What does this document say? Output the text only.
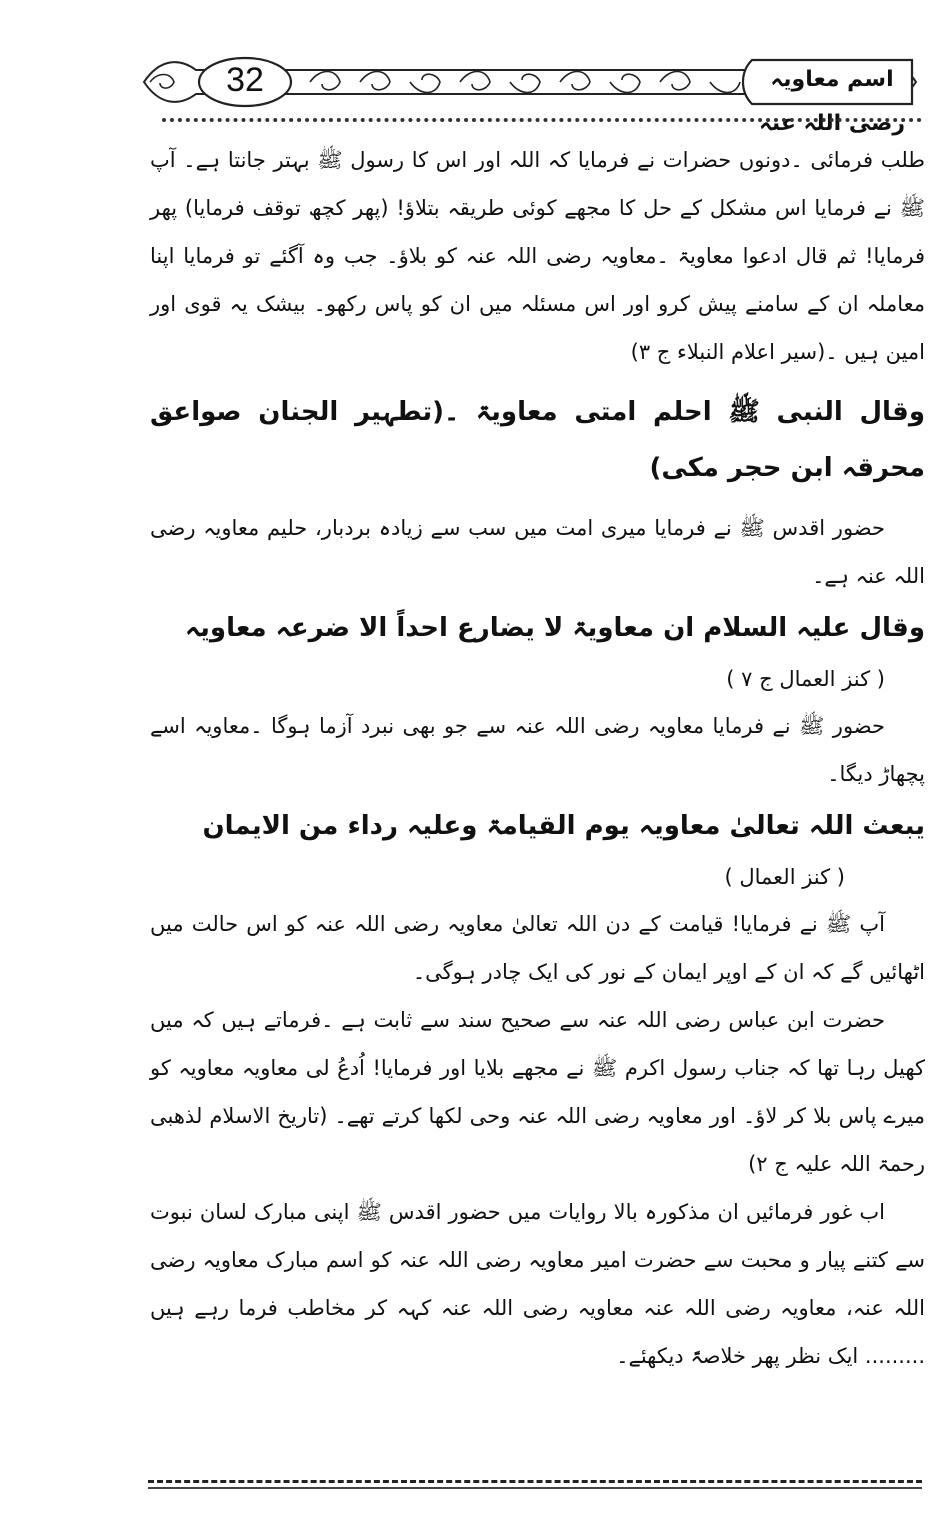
32	اسم معاویہ رضی اللہ عنہ

طلب فرمائی ۔دونوں حضرات نے فرمایا کہ اللہ اور اس کا رسول ﷺ بہتر جانتا ہے۔ آپ ﷺ نے فرمایا اس مشکل کے حل کا مجھے کوئی طریقہ بتلاؤ! (پھر کچھ توقف فرمایا) پھر فرمایا! ثم قال ادعوا معاویۃ ۔معاویہ رضی اللہ عنہ کو بلاؤ۔ جب وہ آگئے تو فرمایا اپنا معاملہ ان کے سامنے پیش کرو اور اس مسئلہ میں ان کو پاس رکھو۔ بیشک یہ قوی اور امین ہیں ۔(سیر اعلام النبلاء ج ۳)

وقال النبی ﷺ احلم امتی معاویۃ ۔(تطہیر الجنان صواعق محرقہ ابن حجر مکی)

حضور اقدس ﷺ نے فرمایا میری امت میں سب سے زیادہ بردبار، حلیم معاویہ رضی اللہ عنہ ہے۔

وقال علیہ السلام ان معاویۃ لا یضارع احداً الا ضرعہ معاویہ

( کنز العمال ج ۷ )

حضور ﷺ نے فرمایا معاویہ رضی اللہ عنہ سے جو بھی نبرد آزما ہوگا ۔معاویہ اسے پچھاڑ دیگا۔

یبعث اللہ تعالیٰ معاویہ یوم القیامۃ وعلیہ رداء من الایمان

( کنز العمال )

آپ ﷺ نے فرمایا! قیامت کے دن اللہ تعالیٰ معاویہ رضی اللہ عنہ کو اس حالت میں اٹھائیں گے کہ ان کے اوپر ایمان کے نور کی ایک چادر ہوگی۔

حضرت ابن عباس رضی اللہ عنہ سے صحیح سند سے ثابت ہے ۔فرماتے ہیں کہ میں کھیل رہا تھا کہ جناب رسول اکرم ﷺ نے مجھے بلایا اور فرمایا! اُدعُ لی معاویہ معاویہ کو میرے پاس بلا کر لاؤ۔ اور معاویہ رضی اللہ عنہ وحی لکھا کرتے تھے۔ (تاریخ الاسلام لذھبی رحمۃ اللہ علیہ ج ۲)

اب غور فرمائیں ان مذکورہ بالا روایات میں حضور اقدس ﷺ اپنی مبارک لسان نبوت سے کتنے پیار و محبت سے حضرت امیر معاویہ رضی اللہ عنہ کو اسم مبارک معاویہ رضی اللہ عنہ، معاویہ رضی اللہ عنہ معاویہ رضی اللہ عنہ کہہ کر مخاطب فرما رہے ہیں ......... ایک نظر پھر خلاصۃً دیکھئے۔
